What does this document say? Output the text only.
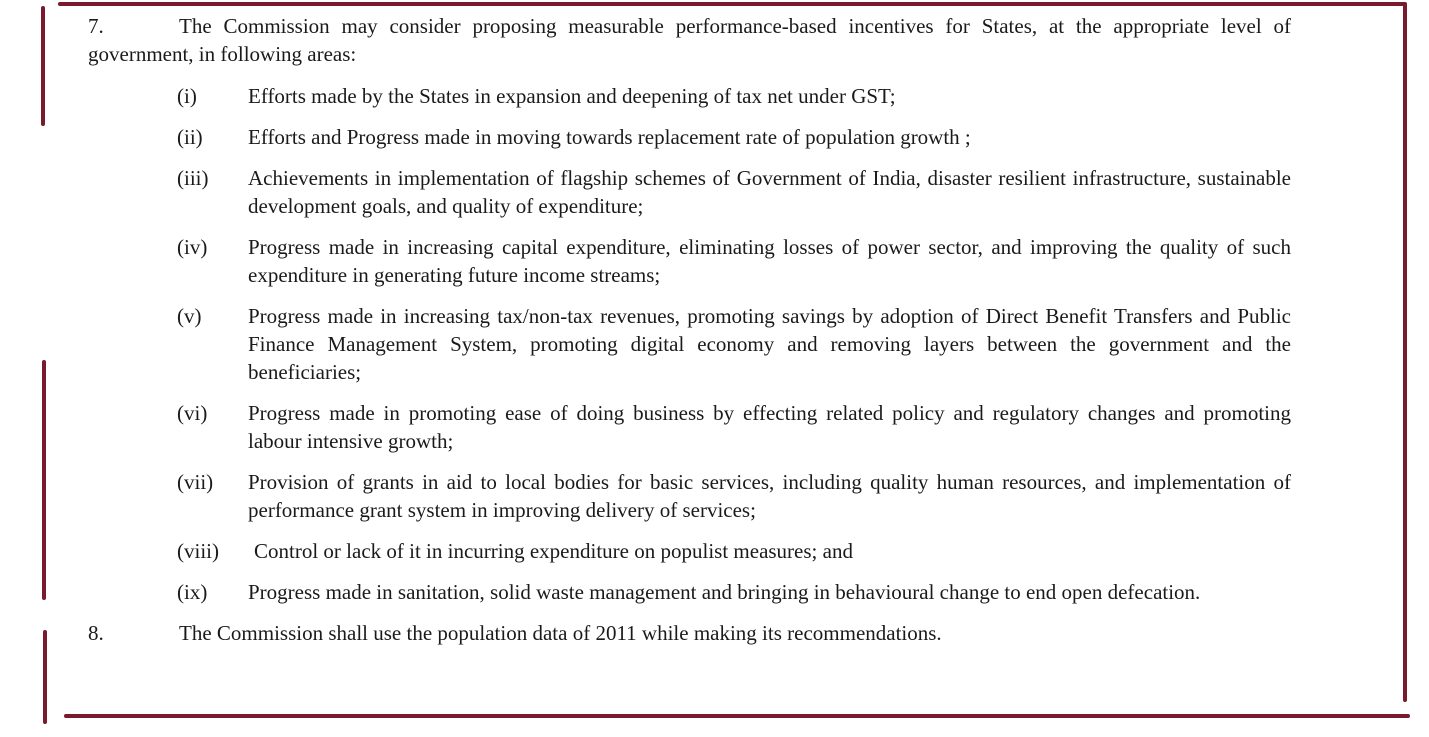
7.	The Commission may consider proposing measurable performance-based incentives for States, at the appropriate level of government, in following areas:

(i) Efforts made by the States in expansion and deepening of tax net under GST;
(ii) Efforts and Progress made in moving towards replacement rate of population growth ;
(iii) Achievements in implementation of flagship schemes of Government of India, disaster resilient infrastructure, sustainable development goals, and quality of expenditure;
(iv) Progress made in increasing capital expenditure, eliminating losses of power sector, and improving the quality of such expenditure in generating future income streams;
(v) Progress made in increasing tax/non-tax revenues, promoting savings by adoption of Direct Benefit Transfers and Public Finance Management System, promoting digital economy and removing layers between the government and the beneficiaries;
(vi) Progress made in promoting ease of doing business by effecting related policy and regulatory changes and promoting labour intensive growth;
(vii) Provision of grants in aid to local bodies for basic services, including quality human resources, and implementation of performance grant system in improving delivery of services;
(viii) Control or lack of it in incurring expenditure on populist measures; and
(ix) Progress made in sanitation, solid waste management and bringing in behavioural change to end open defecation.

8.	The Commission shall use the population data of 2011 while making its recommendations.
